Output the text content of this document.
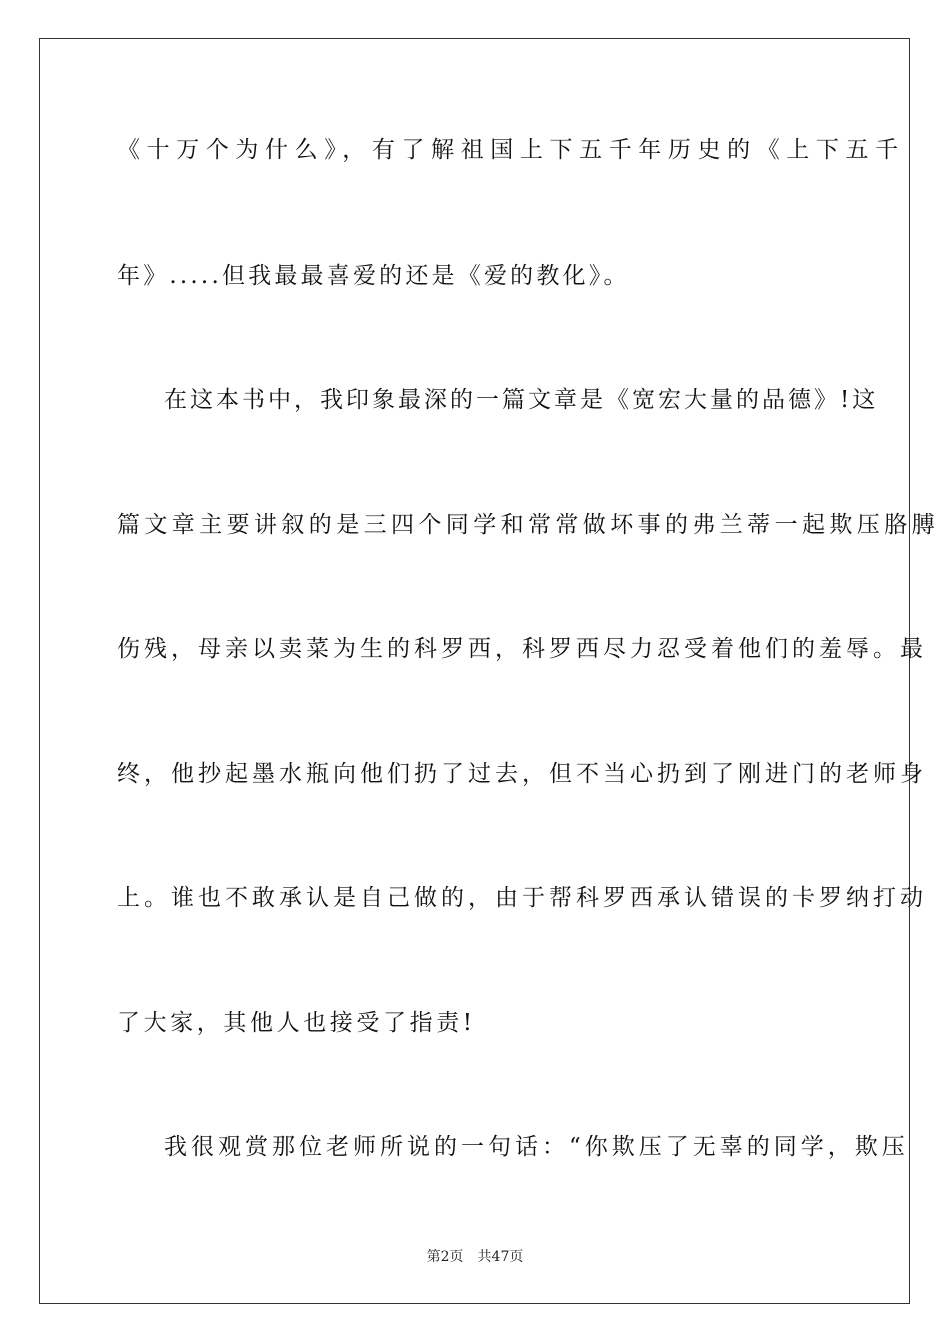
《十万个为什么》，有了解祖国上下五千年历史的《上下五千
年》.....但我最最喜爱的还是《爱的教化》。
在这本书中，我印象最深的一篇文章是《宽宏大量的品德》!这
篇文章主要讲叙的是三四个同学和常常做坏事的弗兰蒂一起欺压胳膊
伤残，母亲以卖菜为生的科罗西，科罗西尽力忍受着他们的羞辱。最
终，他抄起墨水瓶向他们扔了过去，但不当心扔到了刚进门的老师身
上。谁也不敢承认是自己做的，由于帮科罗西承认错误的卡罗纳打动
了大家，其他人也接受了指责!
我很观赏那位老师所说的一句话：“你欺压了无辜的同学，欺压
第2页　共47页
